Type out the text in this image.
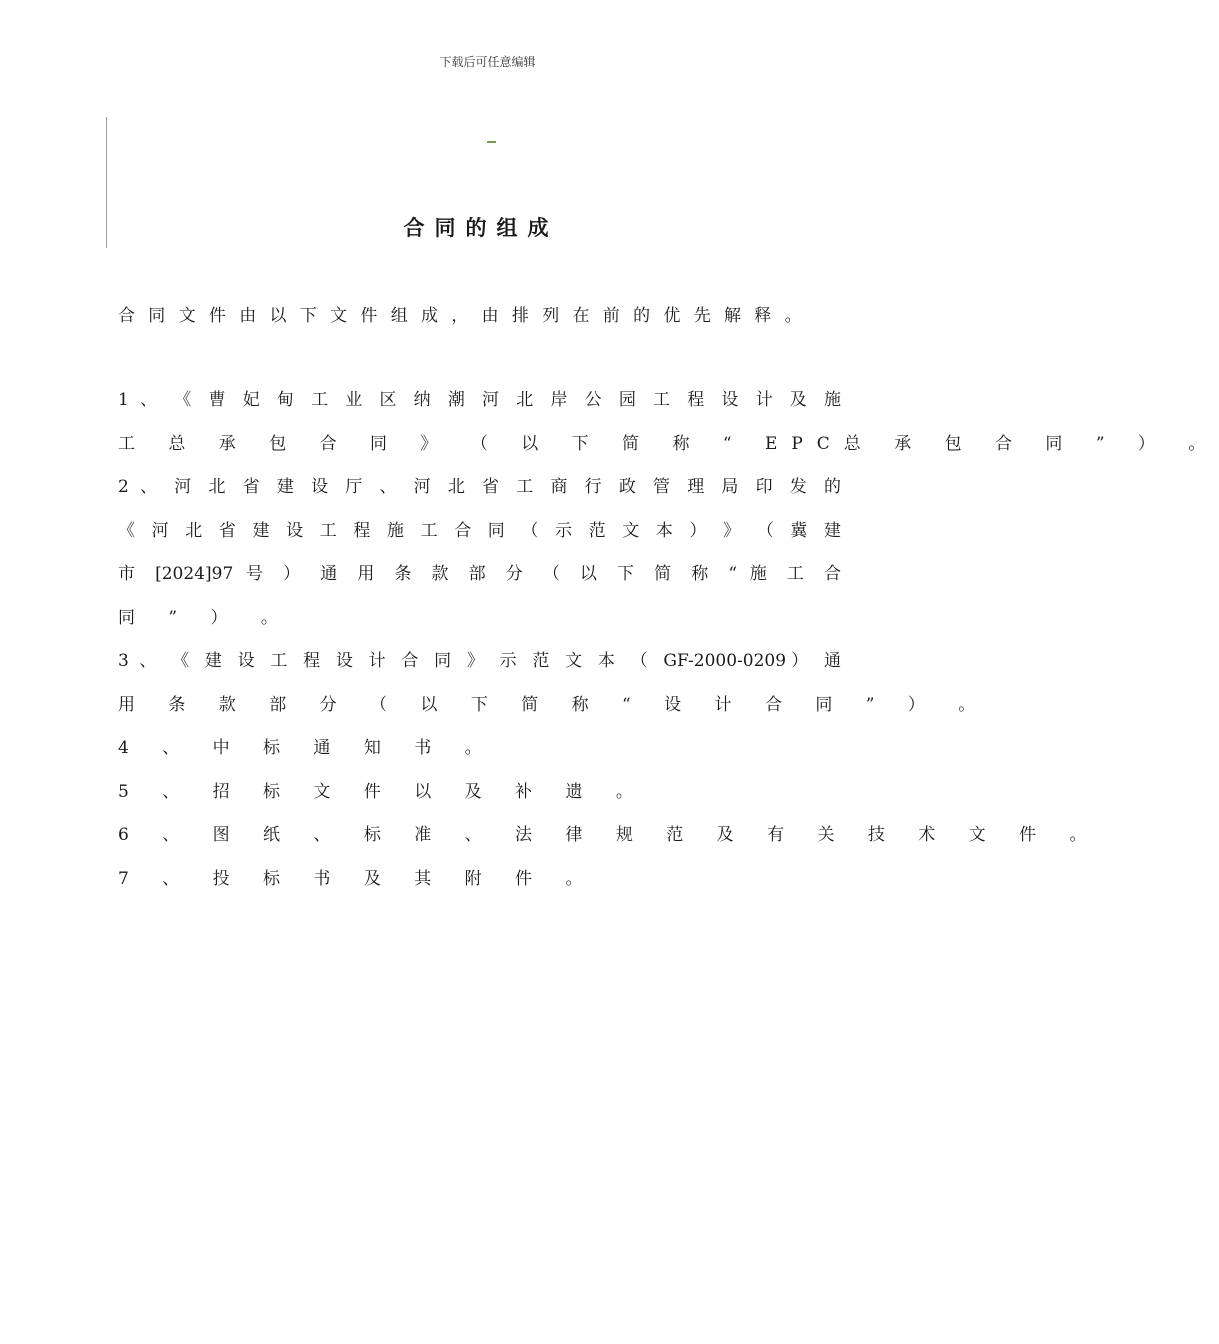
下载后可任意编辑
合同的组成
合同文件由以下文件组成，由排列在前的优先解释。
1 、 《 曹 妃 甸 工 业 区 纳 潮 河 北 岸 公 园 工 程 设 计 及 施
工 总 承 包 合 同 》 （ 以 下 简 称 “ EPC总 承 包 合 同 ” ） 。
2 、 河 北 省 建 设 厅 、 河 北 省 工 商 行 政 管 理 局 印 发 的
《 河 北 省 建 设 工 程 施 工 合 同 （ 示 范 文 本 ） 》 （ 冀 建
市 [2024]97 号 ） 通 用 条 款 部 分 （ 以 下 简 称 “ 施 工 合
同 ” ） 。
3 、 《 建 设 工 程 设 计 合 同 》 示 范 文 本 （ GF-2000-0209） 通
用 条 款 部 分 （ 以 下 简 称 “ 设 计 合 同 ” ） 。
4 、 中 标 通 知 书 。
5 、 招 标 文 件 以 及 补 遗 。
6 、 图 纸 、 标 准 、 法 律 规 范 及 有 关 技 术 文 件 。
7 、 投 标 书 及 其 附 件 。
